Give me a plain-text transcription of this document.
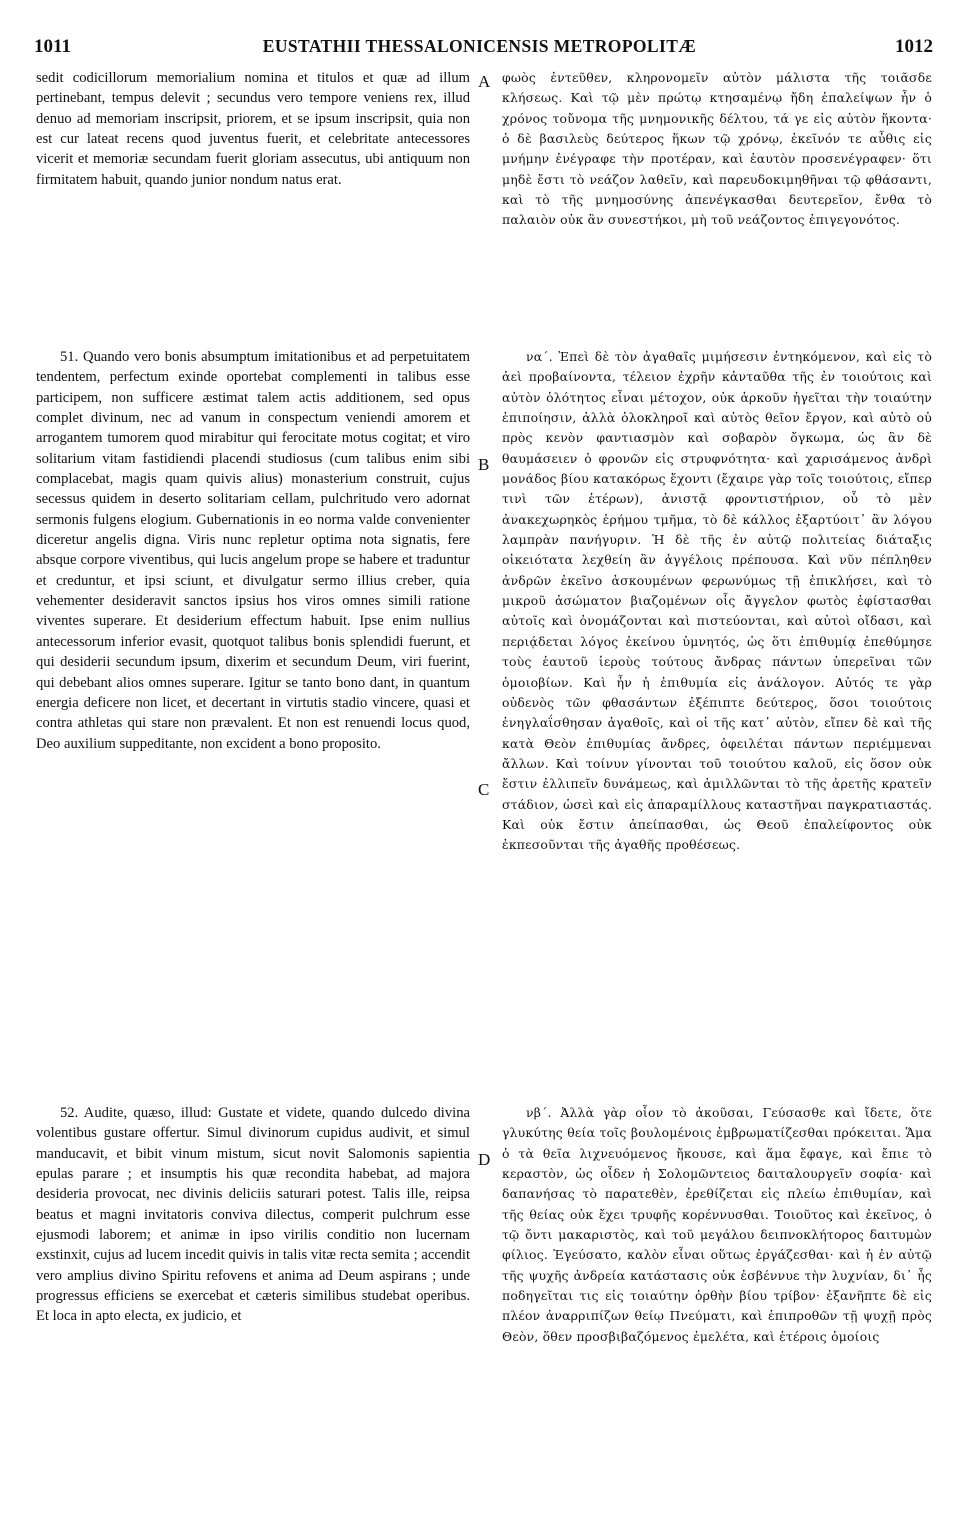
1011	EUSTATHII THESSALONICENSIS METROPOLITÆ	1012

sedit codicillorum memorialium nomina et titulos et quæ ad illum pertinebant, tempus delevit ; secundus vero tempore veniens rex, illud denuo ad memoriam inscripsit, priorem, et se ipsum inscripsit, quia non est cur lateat recens quod juventus fuerit, et celebritate antecessores vicerit et memoriæ secundam fuerit gloriam assecutus, ubi antiquum non firmitatem habuit, quando junior nondum natus erat.

51. Quando vero bonis absumptum imitationibus et ad perpetuitatem tendentem, perfectum exinde oportebat complementi in talibus esse participem, non sufficere æstimat talem actis additionem, sed opus complet divinum, nec ad vanum in conspectum veniendi amorem et arrogantem tumorem quod mirabitur qui ferocitate motus cogitat; et viro solitarium vitam fastidiendi placendi studiosus (cum talibus enim sibi complacebat, magis quam quivis alius) monasterium construit, cujus secessus quidem in deserto solitariam cellam, pulchritudo vero adornat sermonis fulgens elogium. Gubernationis in eo norma valde convenienter diceretur angelis digna. Viris nunc repletur optima nota signatis, fere absque corpore viventibus, qui lucis angelum prope se habere et traduntur et creduntur, et ipsi sciunt, et divulgatur sermo illius creber, quia vehementer desideravit sanctos ipsius hos viros omnes simili ratione viventes superare. Et desiderium effectum habuit. Ipse enim nullius antecessorum inferior evasit, quotquot talibus bonis splendidi fuerunt, et qui desiderii secundum ipsum, dixerim et secundum Deum, viri fuerint, qui debebant alios omnes superare. Igitur se tanto bono dant, in quantum energia deficere non licet, et decertant in virtutis stadio vincere, quasi et contra athletas qui stare non prævalent. Et non est renuendi locus quod, Deo auxilium suppeditante, non excident a bono proposito.

52. Audite, quæso, illud: Gustate et videte, quando dulcedo divina volentibus gustare offertur. Simul divinorum cupidus audivit, et simul manducavit, et bibit vinum mistum, sicut novit Salomonis sapientia epulas parare ; et insumptis his quæ recondita habebat, ad majora desideria provocat, nec divinis deliciis saturari potest. Talis ille, reipsa beatus et magni invitatoris conviva dilectus, comperit pulchrum esse ejusmodi laborem; et animæ in ipso virilis conditio non lucernam exstinxit, cujus ad lucem incedit quivis in talis vitæ recta semita ; accendit vero amplius divino Spiritu refovens et anima ad Deum aspirans ; unde progressus efficiens se exercebat et cæteris similibus studebat operibus. Et loca in apto electa, ex judicio, et

A
B
C
D

φωὸς ἐντεῦθεν, κληρονομεῖν αὐτὸν μάλιστα τῆς τοιᾶσδε κλήσεως. Καὶ τῷ μὲν πρώτῳ κτησαμένῳ ἤδη ἐπαλείψων ἦν ὁ χρόνος τοὔνομα τῆς μνημονικῆς δέλτου, τά γε εἰς αὐτὸν ἥκοντα· ὁ δὲ βασιλεὺς δεύτερος ἥκων τῷ χρόνῳ, ἐκεῖνόν τε αὖθις εἰς μνήμην ἐνέγραφε τὴν προτέραν, καὶ ἑαυτὸν προσενέγραφεν· ὅτι μηδὲ ἔστι τὸ νεάζον λαθεῖν, καὶ παρευδοκιμηθῆναι τῷ φθάσαντι, καὶ τὸ τῆς μνημοσύνης ἀπενέγκασθαι δευτερεῖον, ἔνθα τὸ παλαιὸν οὐκ ἂν συνεστήκοι, μὴ τοῦ νεάζοντος ἐπιγεγονότος.

να΄. Ἐπεὶ δὲ τὸν ἀγαθαῖς μιμήσεσιν ἐντηκόμενον, καὶ εἰς τὸ ἀεὶ προβαίνοντα, τέλειον ἐχρῆν κἀνταῦθα τῆς ἐν τοιούτοις καὶ αὐτὸν ὁλότητος εἶναι μέτοχον, οὐκ ἀρκοῦν ἡγεῖται τὴν τοιαύτην ἐπιποίησιν, ἀλλὰ ὁλοκληροῖ καὶ αὐτὸς θεῖον ἔργον, καὶ αὐτὸ οὐ πρὸς κενὸν φαντιασμὸν καὶ σοβαρὸν ὄγκωμα, ὡς ἂν δὲ θαυμάσειεν ὁ φρονῶν εἰς στρυφνότητα· καὶ χαρισάμενος ἀνδρὶ μονάδος βίου κατακόρως ἔχοντι (ἔχαιρε γὰρ τοῖς τοιούτοις, εἴπερ τινὶ τῶν ἑτέρων), ἀνιστᾷ φροντιστήριον, οὗ τὸ μὲν ἀνακεχωρηκὸς ἐρήμου τμῆμα, τὸ δὲ κάλλος ἐξαρτύοιτ᾽ ἂν λόγου λαμπρὰν πανήγυριν. Ἡ δὲ τῆς ἐν αὐτῷ πολιτείας διάταξις οἰκειότατα λεχθείη ἂν ἀγγέλοις πρέπουσα. Καὶ νῦν πέπληθεν ἀνδρῶν ἐκεῖνο ἀσκουμένων φερωνύμως τῇ ἐπικλήσει, καὶ τὸ μικροῦ ἀσώματον βιαζομένων οἷς ἄγγελον φωτὸς ἐφίστασθαι αὐτοῖς καὶ ὀνομάζονται καὶ πιστεύονται, καὶ αὐτοὶ οἴδασι, καὶ περιᾴδεται λόγος ἐκείνου ὑμνητός, ὡς ὅτι ἐπιθυμίᾳ ἐπεθύμησε τοὺς ἑαυτοῦ ἱεροὺς τούτους ἄνδρας πάντων ὑπερεῖναι τῶν ὁμοιοβίων. Καὶ ἦν ἡ ἐπιθυμία εἰς ἀνάλογον. Αὐτός τε γὰρ οὐδενὸς τῶν φθασάντων ἐξέπιπτε δεύτερος, ὅσοι τοιούτοις ἐνηγλαΐσθησαν ἀγαθοῖς, καὶ οἱ τῆς κατ᾽ αὐτὸν, εἴπεν δὲ καὶ τῆς κατὰ Θεὸν ἐπιθυμίας ἄνδρες, ὀφειλέται πάντων περιέμμεναι ἄλλων. Καὶ τοίνυν γίνονται τοῦ τοιούτου καλοῦ, εἰς ὅσον οὐκ ἔστιν ἐλλιπεῖν δυνάμεως, καὶ ἁμιλλῶνται τὸ τῆς ἀρετῆς κρατεῖν στάδιον, ὡσεὶ καὶ εἰς ἀπαραμίλλους καταστῆναι παγκρατιαστάς. Καὶ οὐκ ἔστιν ἀπείπασθαι, ὡς Θεοῦ ἐπαλείφοντος οὐκ ἐκπεσοῦνται τῆς ἀγαθῆς προθέσεως.

νβ΄. Ἀλλὰ γὰρ οἷον τὸ ἀκοῦσαι, Γεύσασθε καὶ ἴδετε, ὅτε γλυκύτης θεία τοῖς βουλομένοις ἐμβρωματίζεσθαι πρόκειται. Ἅμα ὁ τὰ θεῖα λιχνευόμενος ἤκουσε, καὶ ἅμα ἔφαγε, καὶ ἔπιε τὸ κεραστὸν, ὡς οἶδεν ἡ Σολομῶντειος δαιταλουργεῖν σοφία· καὶ δαπανήσας τὸ παρατεθὲν, ἐρεθίζεται εἰς πλείω ἐπιθυμίαν, καὶ τῆς θείας οὐκ ἔχει τρυφῆς κορέννυσθαι. Τοιοῦτος καὶ ἐκεῖνος, ὁ τῷ ὄντι μακαριστὸς, καὶ τοῦ μεγάλου δειπνοκλήτορος δαιτυμὼν φίλιος. Ἐγεύσατο, καλὸν εἶναι οὕτως ἐργάζεσθαι· καὶ ἡ ἐν αὐτῷ τῆς ψυχῆς ἀνδρεία κατάστασις οὐκ ἐσβέννυε τὴν λυχνίαν, δι᾽ ἧς ποδηγεῖται τις εἰς τοιαύτην ὀρθὴν βίου τρίβον· ἐξανῆπτε δὲ εἰς πλέον ἀναρριπίζων θείῳ Πνεύματι, καὶ ἐπιπροθῶν τῇ ψυχῇ πρὸς Θεὸν, ὅθεν προσβιβαζόμενος ἐμελέτα, καὶ ἑτέροις ὁμοίοις
